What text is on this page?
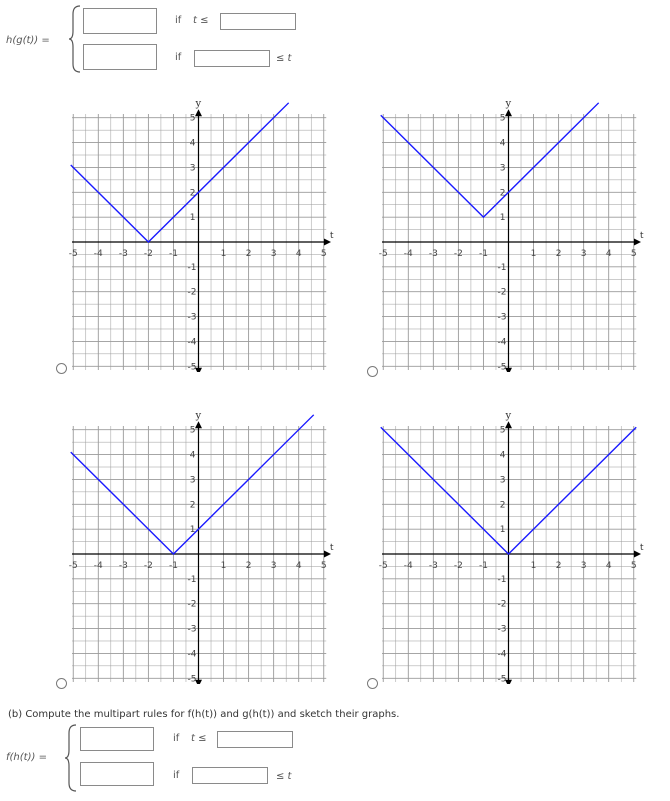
h(g(t)) =
if t ≤
if	≤ t
t
y
-5 -4 -3 -2 -1	1 2 3 4 5
1
2
3
4
5
-1
-2
-3
-4
-5
t
y
-5 -4 -3 -2 -1	1 2 3 4 5
1
2
3
4
5
-1
-2
-3
-4
-5
t
y
-5 -4 -3 -2 -1	1 2 3 4 5
1
2
3
4
5
-1
-2
-3
-4
-5
t
y
-5 -4 -3 -2 -1	1 2 3 4 5
1
2
3
4
5
-1
-2
-3
-4
-5
(b) Compute the multipart rules for f(h(t)) and g(h(t)) and sketch their graphs.
f(h(t)) =
if t ≤
if	≤ t
